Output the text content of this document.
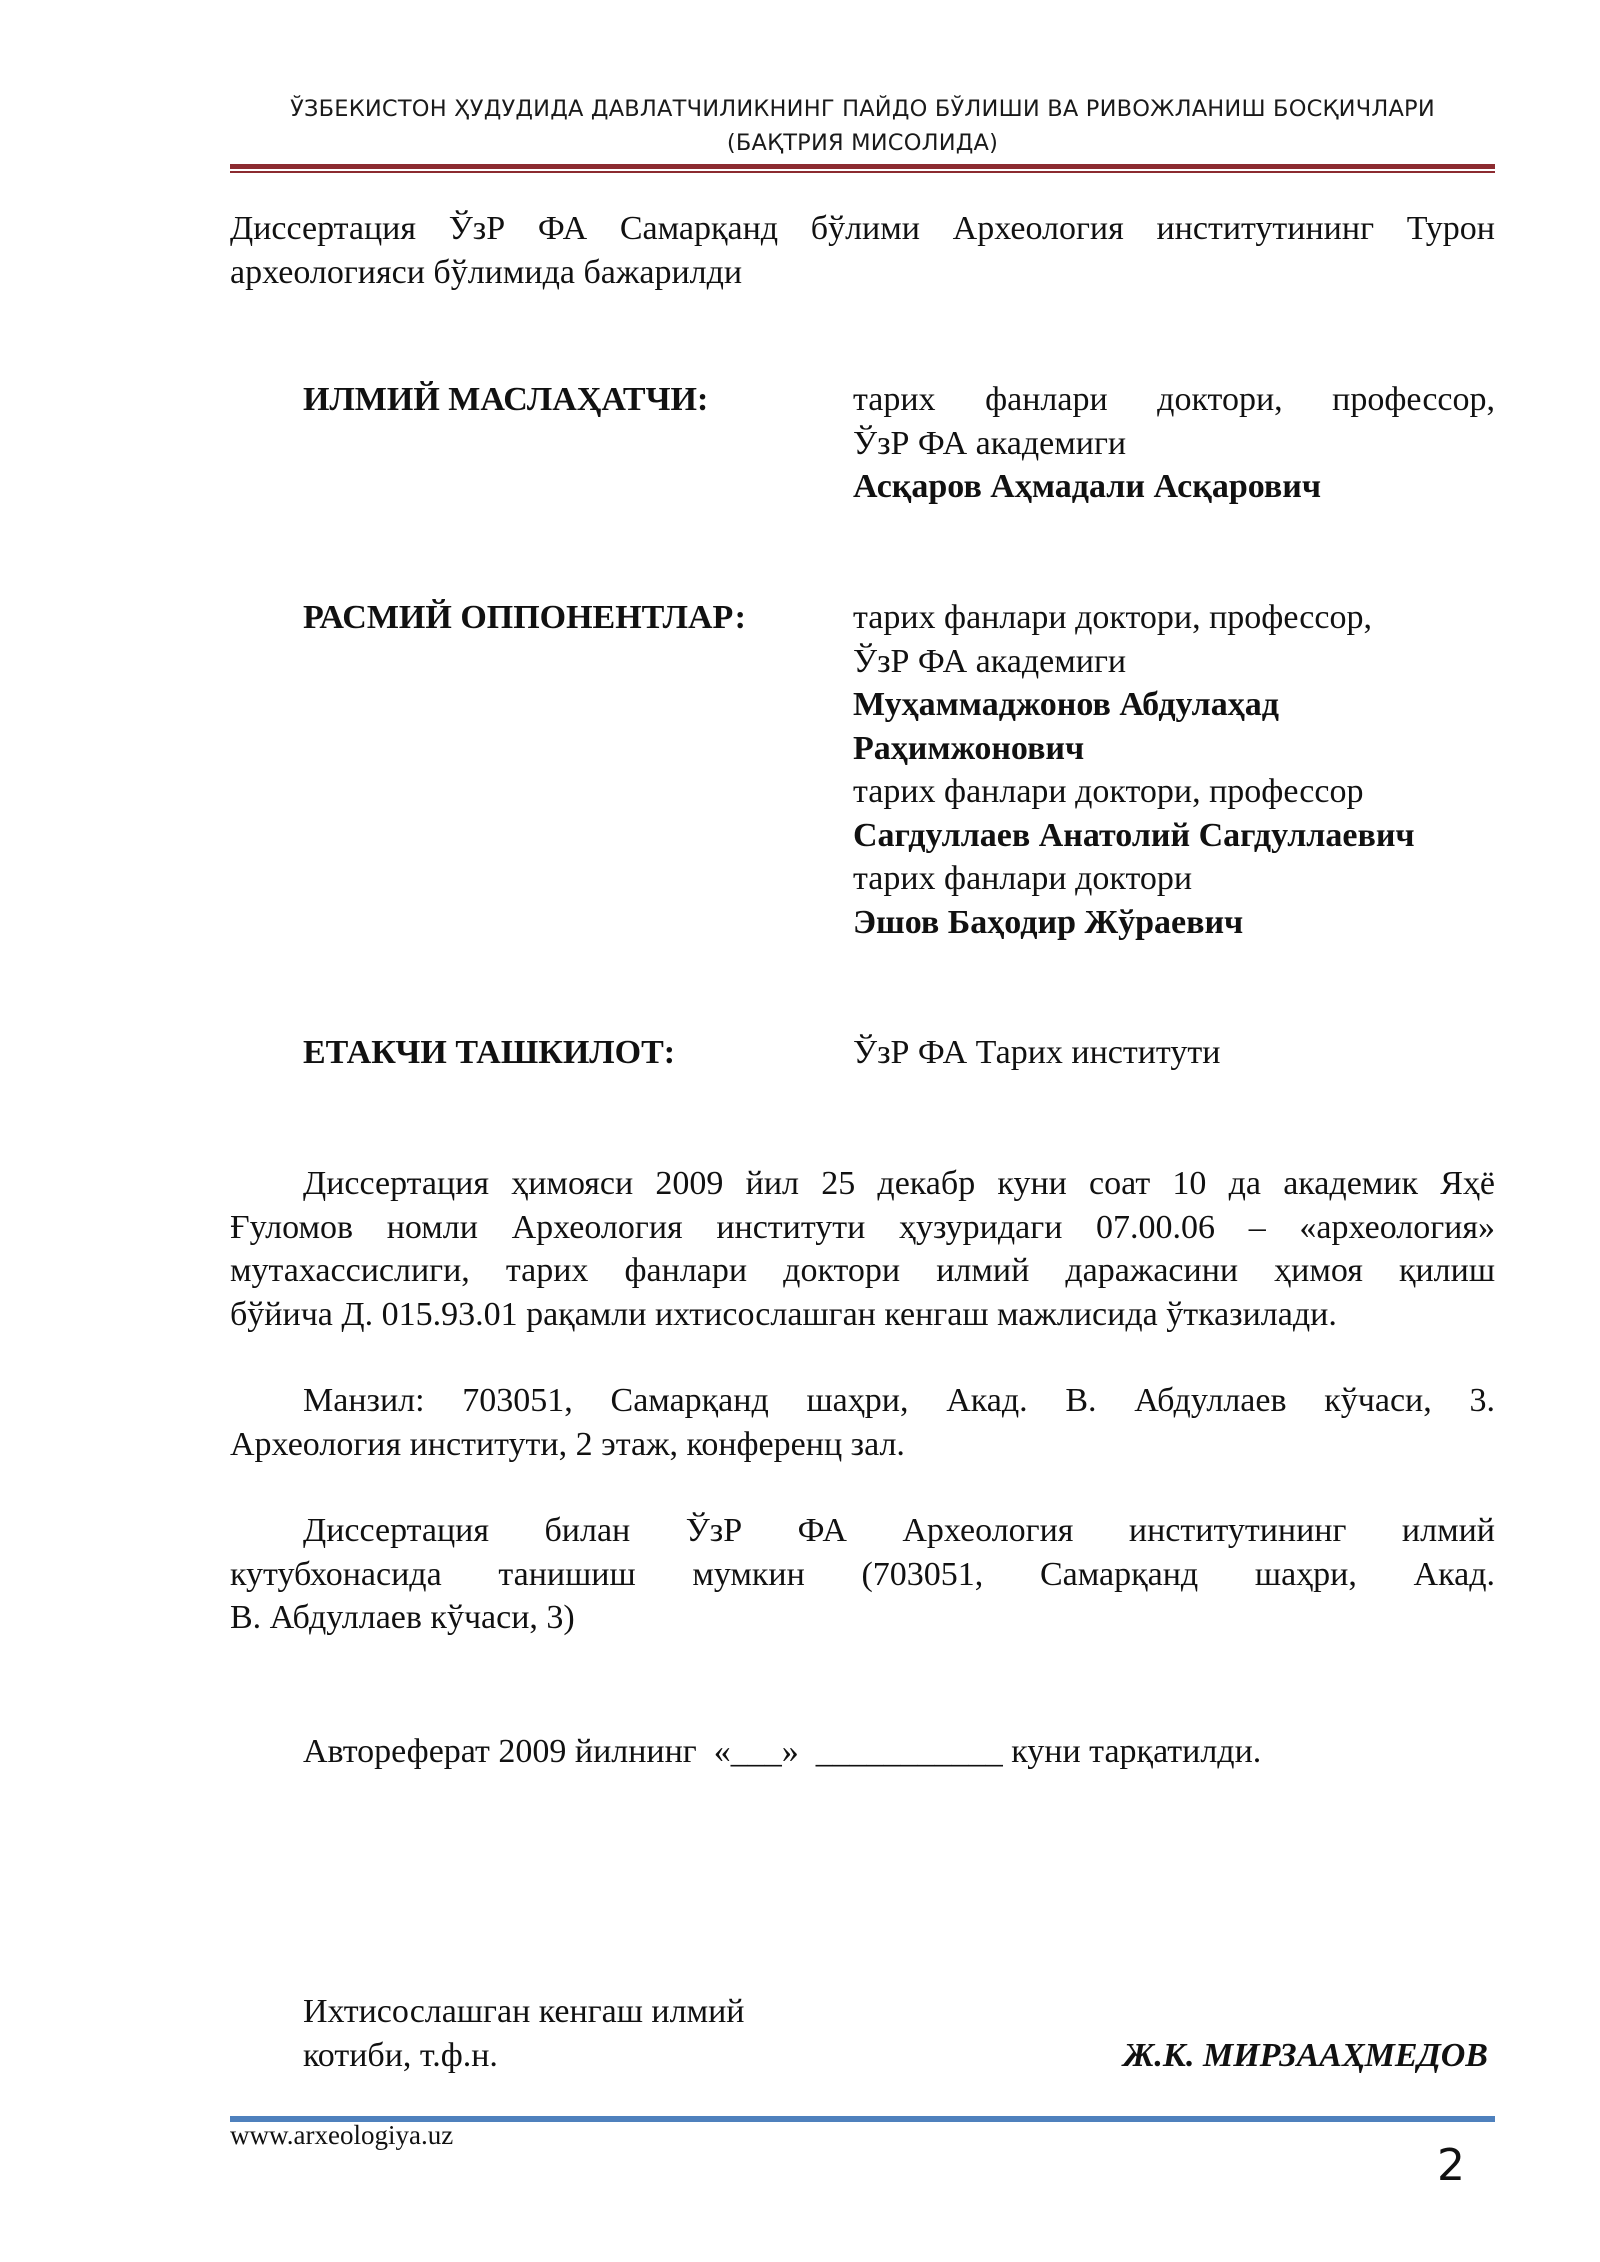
ЎЗБЕКИСТОН ҲУДУДИДА ДАВЛАТЧИЛИКНИНГ ПАЙДО БЎЛИШИ ВА РИВОЖЛАНИШ БОСҚИЧЛАРИ
(БАҚТРИЯ МИСОЛИДА)
Диссертация ЎзР ФА Самарқанд бўлими Археология институтининг Турон
археологияси бўлимида бажарилди
ИЛМИЙ МАСЛАҲАТЧИ:	тарих фанлари доктори, профессор,
ЎзР ФА академиги
Асқаров Аҳмадали Асқарович
РАСМИЙ ОППОНЕНТЛАР:	тарих фанлари доктори, профессор,
ЎзР ФА академиги
Муҳаммаджонов Абдулаҳад
Раҳимжонович
тарих фанлари доктори, профессор
Сагдуллаев Анатолий Сагдуллаевич
тарих фанлари доктори
Эшов Баҳодир Жўраевич
ЕТАКЧИ ТАШКИЛОТ:	ЎзР ФА Тарих институти
Диссертация ҳимояси 2009 йил 25 декабр куни соат 10 да академик Яҳё
Ғуломов номли Археология институти ҳузуридаги 07.00.06 – «археология»
мутахассислиги, тарих фанлари доктори илмий даражасини ҳимоя қилиш
бўйича Д. 015.93.01 рақамли ихтисослашган кенгаш мажлисида ўтказилади.
Манзил: 703051, Самарқанд шаҳри, Акад. В. Абдуллаев кўчаси, 3.
Археология институти, 2 этаж, конференц зал.
Диссертация билан ЎзР ФА Археология институтининг илмий
кутубхонасида танишиш мумкин (703051, Самарқанд шаҳри, Акад.
В. Абдуллаев кўчаси, 3)
Автореферат 2009 йилнинг  «___»  ___________ куни тарқатилди.
Ихтисослашган кенгаш илмий
котиби, т.ф.н.	Ж.К. МИРЗААҲМЕДОВ
www.arxeologiya.uz
2
